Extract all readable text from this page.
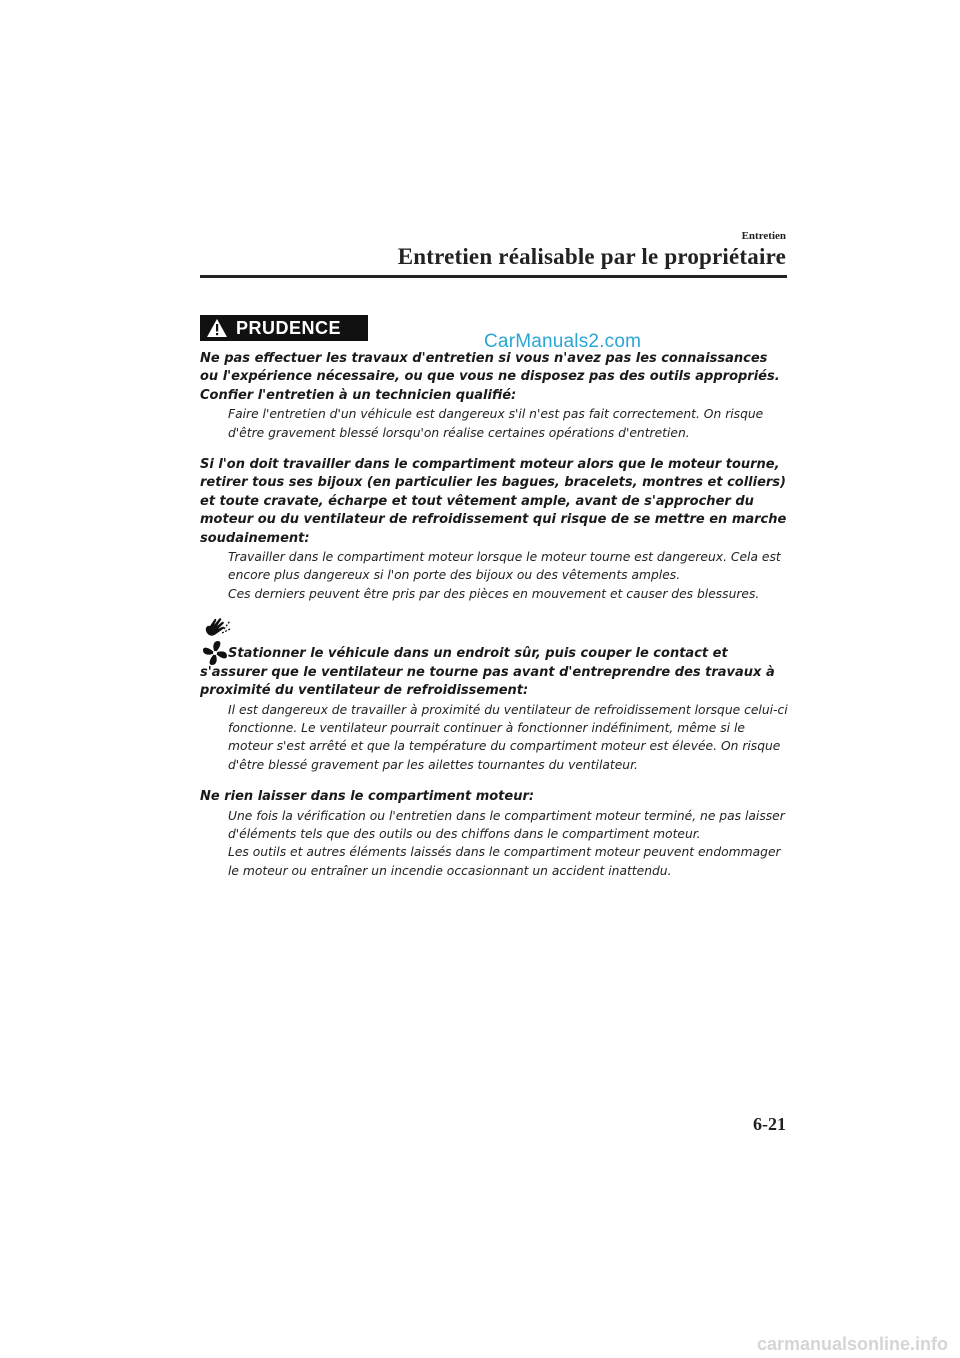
Entretien
Entretien réalisable par le propriétaire
PRUDENCE
CarManuals2.com

Ne pas effectuer les travaux d'entretien si vous n'avez pas les connaissances ou l'expérience nécessaire, ou que vous ne disposez pas des outils appropriés. Confier l'entretien à un technicien qualifié:

Faire l'entretien d'un véhicule est dangereux s'il n'est pas fait correctement. On risque d'être gravement blessé lorsqu'on réalise certaines opérations d'entretien.

Si l'on doit travailler dans le compartiment moteur alors que le moteur tourne, retirer tous ses bijoux (en particulier les bagues, bracelets, montres et colliers) et toute cravate, écharpe et tout vêtement ample, avant de s'approcher du moteur ou du ventilateur de refroidissement qui risque de se mettre en marche soudainement:

Travailler dans le compartiment moteur lorsque le moteur tourne est dangereux. Cela est encore plus dangereux si l'on porte des bijoux ou des vêtements amples.

Ces derniers peuvent être pris par des pièces en mouvement et causer des blessures.

Stationner le véhicule dans un endroit sûr, puis couper le contact et s'assurer que le ventilateur ne tourne pas avant d'entreprendre des travaux à proximité du ventilateur de refroidissement:

Il est dangereux de travailler à proximité du ventilateur de refroidissement lorsque celui-ci fonctionne. Le ventilateur pourrait continuer à fonctionner indéfiniment, même si le moteur s'est arrêté et que la température du compartiment moteur est élevée. On risque d'être blessé gravement par les ailettes tournantes du ventilateur.

Ne rien laisser dans le compartiment moteur:

Une fois la vérification ou l'entretien dans le compartiment moteur terminé, ne pas laisser d'éléments tels que des outils ou des chiffons dans le compartiment moteur.

Les outils et autres éléments laissés dans le compartiment moteur peuvent endommager le moteur ou entraîner un incendie occasionnant un accident inattendu.

6-21
carmanualsonline.info
